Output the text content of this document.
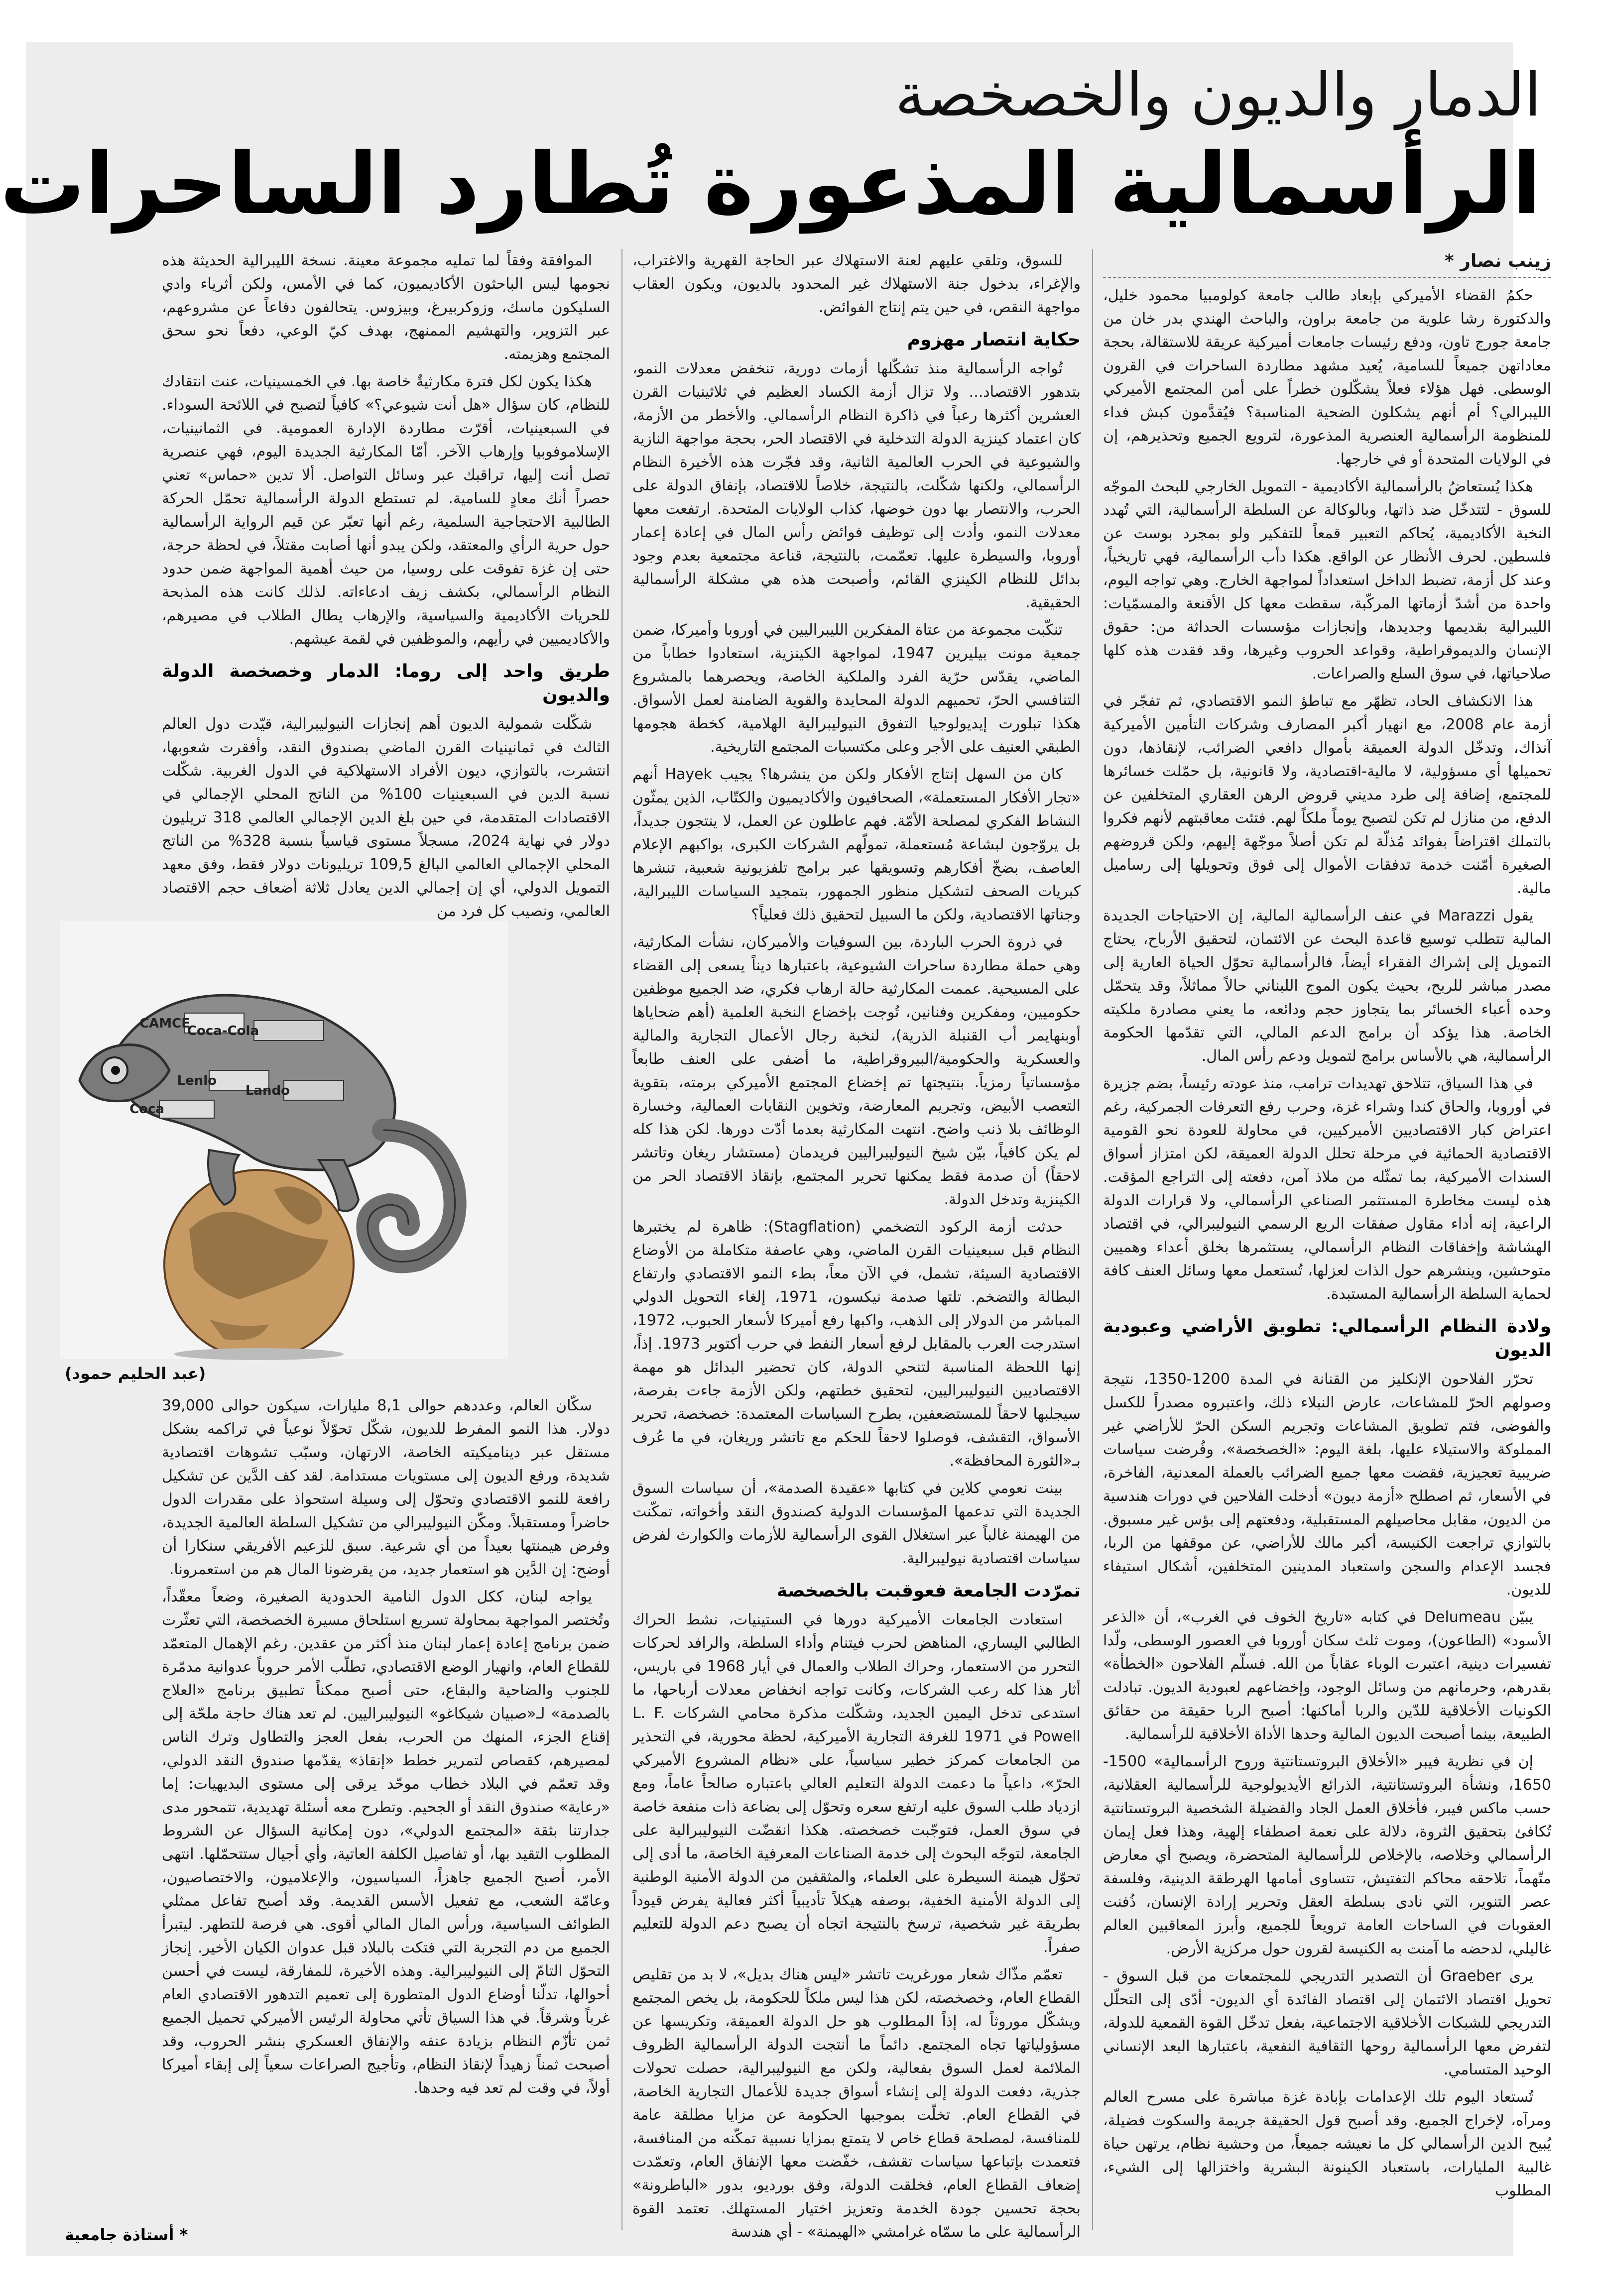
الدمار والديون والخصخصة
الرأسمالية المذعورة تُطارد الساحرات
زينب نصار *

حكمُ القضاء الأميركي بإبعاد طالب جامعة كولومبيا محمود خليل، والدكتورة رشا علوية من جامعة براون، والباحث الهندي بدر خان من جامعة جورج تاون، ودفع رئيسات جامعات أميركية عريقة للاستقالة، بحجة معاداتهن جميعاً للسامية، يُعيد مشهد مطاردة الساحرات في القرون الوسطى. فهل هؤلاء فعلاً يشكّلون خطراً على أمن المجتمع الأميركي الليبرالي؟ أم أنهم يشكلون الضحية المناسبة؟ فيُقدَّمون كبش فداء للمنظومة الرأسمالية العنصرية المذعورة، لترويع الجميع وتحذيرهم، إن في الولايات المتحدة أو في خارجها.

هكذا يُستعاضُ بالرأسمالية الأكاديمية - التمويل الخارجي للبحث الموجّه للسوق - لتتدخّل ضد ذاتها، وبالوكالة عن السلطة الرأسمالية، التي تُهدد النخبة الأكاديمية، يُحاكم التعبير قمعاً للتفكير ولو بمجرد بوست عن فلسطين. لحرف الأنظار عن الواقع. هكذا دأب الرأسمالية، فهي تاريخياً، وعند كل أزمة، تضبط الداخل استعداداً لمواجهة الخارج. وهي تواجه اليوم، واحدة من أشدّ أزماتها المركّبة، سقطت معها كل الأقنعة والمسمّيات: الليبرالية بقديمها وجديدها، وإنجازات مؤسسات الحداثة من: حقوق الإنسان والديموقراطية، وقواعد الحروب وغيرها، وقد فقدت هذه كلها صلاحياتها، في سوق السلع والصراعات.

هذا الانكشاف الحاد، تظهّر مع تباطؤ النمو الاقتصادي، ثم تفجّر في أزمة عام 2008، مع انهيار أكبر المصارف وشركات التأمين الأميركية آنذاك، وتدخّل الدولة العميقة بأموال دافعي الضرائب، لإنقاذها، دون تحميلها أي مسؤولية، لا مالية-اقتصادية، ولا قانونية، بل حمّلت خسائرها للمجتمع، إضافة إلى طرد مديني قروض الرهن العقاري المتخلفين عن الدفع، من منازل لم تكن لتصبح يوماً ملكاً لهم. فتئت معاقبتهم لأنهم فكروا بالتملك اقتراضاً بفوائد مُذلّة لم تكن أصلاً موجّهة إليهم، ولكن قروضهم الصغيرة أمّنت خدمة تدفقات الأموال إلى فوق وتحويلها إلى رساميل مالية.

يقول Marazzi في عنف الرأسمالية المالية، إن الاحتياجات الجديدة المالية تتطلب توسيع قاعدة البحث عن الائتمان، لتحقيق الأرباح، يحتاج التمويل إلى إشراك الفقراء أيضاً، فالرأسمالية تحوّل الحياة العارية إلى مصدر مباشر للربح، بحيث يكون الموج اللبناني حالاً مماثلاً، وقد يتحمّل وحده أعباء الخسائر بما يتجاوز حجم ودائعه، ما يعني مصادرة ملكيته الخاصة. هذا يؤكد أن برامج الدعم المالي، التي تقدّمها الحكومة الرأسمالية، هي بالأساس برامج لتمويل ودعم رأس المال.

في هذا السياق، تتلاحق تهديدات ترامب، منذ عودته رئيساً، بضم جزيرة في أوروبا، والحاق كندا وشراء غزة، وحرب رفع التعرفات الجمركية، رغم اعتراض كبار الاقتصاديين الأميركيين، في محاولة للعودة نحو القومية الاقتصادية الحمائية في مرحلة تحلل الدولة العميقة، لكن امتزاز أسواق السندات الأميركية، بما تمثّله من ملاذ آمن، دفعته إلى التراجع المؤقت. هذه ليست مخاطرة المستثمر الصناعي الرأسمالي، ولا قرارات الدولة الراعية، إنه أداء مقاول صفقات الريع الرسمي النيوليبرالي، في اقتصاد الهشاشة وإخفاقات النظام الرأسمالي، يستثمرها بخلق أعداء وهميين متوحشين، وينشرهم حول الذات لعزلها، تُستعمل معها وسائل العنف كافة لحماية السلطة الرأسمالية المستبدة.

ولادة النظام الرأسمالي: تطويق الأراضي وعبودية الديون

تحرّر الفلاحون الإنكليز من القنانة في المدة 1200-1350، نتيجة وصولهم الحرّ للمشاعات، عارض النبلاء ذلك، واعتبروه مصدراً للكسل والفوضى، فتم تطويق المشاعات وتجريم السكن الحرّ للأراضي غير المملوكة والاستيلاء عليها، بلغة اليوم: «الخصخصة»، وفُرضت سياسات ضريبية تعجيزية، فقضت معها جميع الضرائب بالعملة المعدنية، الفاخرة، في الأسعار، ثم اصطلح «أزمة ديون» أدخلت الفلاحين في دورات هندسية من الديون، مقابل محاصيلهم المستقبلية، ودفعتهم إلى بؤس غير مسبوق. بالتوازي تراجعت الكنيسة، أكبر مالك للأراضي، عن موقفها من الربا، فجسد الإعدام والسجن واستعباد المدينين المتخلفين، أشكال استيفاء للديون.

يبيّن Delumeau في كتابه «تاريخ الخوف في الغرب»، أن «الذعر الأسود» (الطاعون)، وموت ثلث سكان أوروبا في العصور الوسطى، ولّدا تفسيرات دينية، اعتبرت الوباء عقاباً من الله. فسلّم الفلاحون «الخطأة» بقدرهم، وحرمانهم من وسائل الوجود، وإخضاعهم لعبودية الديون. تبادلت الكونيات الأخلاقية للدّين والربا أماكنها: أصبح الربا حقيقة من حقائق الطبيعة، بينما أصبحت الديون المالية وحدها الأداة الأخلاقية للرأسمالية.

إن في نظرية فيبر «الأخلاق البروتستانتية وروح الرأسمالية» 1500-1650، ونشأة البروتستانتية، الذرائع الأيديولوجية للرأسمالية العقلانية، حسب ماكس فيبر، فأخلاق العمل الجاد والفضيلة الشخصية البروتستانتية تُكافئ بتحقيق الثروة، دلالة على نعمة اصطفاء إلهية، وهذا فعل إيمان الرأسمالي وخلاصه، بالإخلاص للرأسمالية المتحضرة، ويصبح أي معارض متّهماً، تلاحقه محاكم التفتيش، تتساوى أمامها الهرطقة الدينية، وفلسفة عصر التنوير، التي نادى بسلطة العقل وتحرير إرادة الإنسان، ذُفنت العقوبات في الساحات العامة ترويعاً للجميع، وأبرز المعاقبين العالم غاليلي، لدحضه ما آمنت به الكنيسة لقرون حول مركزية الأرض.

يرى Graeber أن التصدير التدريجي للمجتمعات من قبل السوق - تحويل اقتصاد الائتمان إلى اقتصاد الفائدة أي الديون- أدّى إلى التحلّل التدريجي للشبكات الأخلاقية الاجتماعية، بفعل تدخّل القوة القمعية للدولة، لتفرض معها الرأسمالية روحها الثقافية النفعية، باعتبارها البعد الإنساني الوحيد المتسامي.

تُستعاد اليوم تلك الإعدامات بإبادة غزة مباشرة على مسرح العالم ومرآه، لإخراج الجميع. وقد أصبح قول الحقيقة جريمة والسكوت فضيلة، يُبيح الدين الرأسمالي كل ما نعيشه جميعاً، من وحشية نظام، يرتهن حياة غالبية المليارات، باستعباد الكينونة البشرية واختزالها إلى الشيء، المطلوب

للسوق، وتلقي عليهم لعنة الاستهلاك عبر الحاجة القهرية والاغتراب، والإغراء، بدخول جنة الاستهلاك غير المحدود بالديون، ويكون العقاب مواجهة النقص، في حين يتم إنتاج الفوائض.

حكاية انتصار مهزوم

تُواجه الرأسمالية منذ تشكّلها أزمات دورية، تنخفض معدلات النمو، بتدهور الاقتصاد... ولا تزال أزمة الكساد العظيم في ثلاثينيات القرن العشرين أكثرها رعباً في ذاكرة النظام الرأسمالي. والأخطر من الأزمة، كان اعتماد كينزية الدولة التدخلية في الاقتصاد الحر، بحجة مواجهة النازية والشيوعية في الحرب العالمية الثانية، وقد فجّرت هذه الأخيرة النظام الرأسمالي، ولكنها شكّلت، بالنتيجة، خلاصاً للاقتصاد، بإنفاق الدولة على الحرب، والانتصار بها دون خوضها، كذاب الولايات المتحدة. ارتفعت معها معدلات النمو، وأدت إلى توظيف فوائض رأس المال في إعادة إعمار أوروبا، والسيطرة عليها. تعمّمت، بالنتيجة، قناعة مجتمعية بعدم وجود بدائل للنظام الكينزي القائم، وأصبحت هذه هي مشكلة الرأسمالية الحقيقية.

تنكّبت مجموعة من عتاة المفكرين الليبراليين في أوروبا وأميركا، ضمن جمعية مونت بيليرين 1947، لمواجهة الكينزية، استعادوا خطاباً من الماضي، يقدّس حرّية الفرد والملكية الخاصة، ويحصرهما بالمشروع التنافسي الحرّ، تحميهم الدولة المحايدة والقوية الضامنة لعمل الأسواق. هكذا تبلورت إيديولوجيا التفوق النيوليبرالية الهلامية، كخطة هجومها الطبقي العنيف على الأجر وعلى مكتسبات المجتمع التاريخية.

كان من السهل إنتاج الأفكار ولكن من ينشرها؟ يجيب Hayek أنهم «تجار الأفكار المستعملة»، الصحافيون والأكاديميون والكتّاب، الذين يمثّون النشاط الفكري لمصلحة الأمّة. فهم عاطلون عن العمل، لا ينتجون جديداً، بل يروّجون لبشاعة مُستعملة، تمولّهم الشركات الكبرى، بواكبهم الإعلام العاصف، بضخّ أفكارهم وتسويقها عبر برامج تلفزيونية شعبية، تنشرها كبريات الصحف لتشكيل منظور الجمهور، بتمجيد السياسات الليبرالية، وجناتها الاقتصادية، ولكن ما السبيل لتحقيق ذلك فعلياً؟

في ذروة الحرب الباردة، بين السوفيات والأميركان، نشأت المكارثية، وهي حملة مطاردة ساحرات الشيوعية، باعتبارها ديناً يسعى إلى القضاء على المسيحية. عممت المكارثية حالة ارهاب فكري، ضد الجميع موظفين حكوميين، ومفكرين وفنانين، تُوجت بإخضاع النخبة العلمية (أهم ضحاياها أوبنهايمر أب القنبلة الذرية)، لنخبة رجال الأعمال التجارية والمالية والعسكرية والحكومية/البيروقراطية، ما أضفى على العنف طابعاً مؤسساتياً رمزياً. بنتيجتها تم إخضاع المجتمع الأميركي برمته، بتقوية التعصب الأبيض، وتجريم المعارضة، وتخوين النقابات العمالية، وخسارة الوظائف بلا ذنب واضح. انتهت المكارثية بعدما أدّت دورها. لكن هذا كله لم يكن كافياً، بيّن شيخ النيوليبراليين فريدمان (مستشار ريغان وتاتشر لاحقاً) أن صدمة فقط يمكنها تحرير المجتمع، بإنقاذ الاقتصاد الحر من الكينزية وتدخل الدولة.

حدثت أزمة الركود التضخمي (Stagflation): ظاهرة لم يختبرها النظام قبل سبعينيات القرن الماضي، وهي عاصفة متكاملة من الأوضاع الاقتصادية السيئة، تشمل، في الآن معاً، بطء النمو الاقتصادي وارتفاع البطالة والتضخم. تلتها صدمة نيكسون، 1971، إلغاء التحويل الدولي المباشر من الدولار إلى الذهب، واكبها رفع أميركا لأسعار الحبوب، 1972، استدرجت العرب بالمقابل لرفع أسعار النفط في حرب أكتوبر 1973. إذاً، إنها اللحظة المناسبة لتنحي الدولة، كان تحضير البدائل هو مهمة الاقتصاديين النيوليبراليين، لتحقيق خطتهم، ولكن الأزمة جاءت بفرصة، سيجلبها لاحقاً للمستضعفين، بطرح السياسات المعتمدة: خصخصة، تحرير الأسواق، التقشف، فوصلوا لاحقاً للحكم مع تاتشر وريغان، في ما عُرف بـ«الثورة المحافظة».

بينت نعومي كلاين في كتابها «عقيدة الصدمة»، أن سياسات السوق الجديدة التي تدعمها المؤسسات الدولية كصندوق النقد وأخواته، تمكّنت من الهيمنة غالباً عبر استغلال القوى الرأسمالية للأزمات والكوارث لفرض سياسات اقتصادية نيوليبرالية.

تمرّدت الجامعة فعوقبت بالخصخصة

استعادت الجامعات الأميركية دورها في الستينيات، نشط الحراك الطالبي اليساري، المناهض لحرب فيتنام وأداء السلطة، والرافد لحركات التحرر من الاستعمار، وحراك الطلاب والعمال في أيار 1968 في باريس، أثار هذا كله رعب الشركات، وكانت تواجه انخفاض معدلات أرباحها، ما استدعى تدخل اليمين الجديد، وشكّلت مذكرة محامي الشركات L. F. Powell في 1971 للغرفة التجارية الأميركية، لحظة محورية، في التحذير من الجامعات كمركز خطير سياسياً، على «نظام المشروع الأميركي الحرّ»، داعياً ما دعمت الدولة التعليم العالي باعتباره صالحاً عاماً، ومع ازدياد طلب السوق عليه ارتفع سعره وتحوّل إلى بضاعة ذات منفعة خاصة في سوق العمل، فتوجّبت خصخصته. هكذا انقضّت النيوليبرالية على الجامعة، لتوجّه البحوث إلى خدمة الصناعات المعرفية الخاصة، ما أدى إلى تحوّل هيمنة السيطرة على العلماء، والمثقفين من الدولة الأمنية الوطنية إلى الدولة الأمنية الخفية، بوصفه هيكلاً تأديبياً أكثر فعالية يفرض قيوداً بطريقة غير شخصية، ترسخ بالنتيجة اتجاه أن يصبح دعم الدولة للتعليم صفراً.

تعمّم مذّاك شعار مورغريت تاتشر «ليس هناك بديل»، لا بد من تقليص القطاع العام، وخصخصته، لكن هذا ليس ملكاً للحكومة، بل يخص المجتمع ويشكّل موروثاً له، إذاً المطلوب هو حل الدولة العميقة، وتكريسها عن مسؤولياتها تجاه المجتمع. دائماً ما أنتجت الدولة الرأسمالية الظروف الملائمة لعمل السوق بفعالية، ولكن مع النيوليبرالية، حصلت تحولات جذرية، دفعت الدولة إلى إنشاء أسواق جديدة للأعمال التجارية الخاصة، في القطاع العام. تخلّت بموجبها الحكومة عن مزايا مطلقة عامة للمنافسة، لمصلحة قطاع خاص لا يتمتع بمزايا نسبية تمكّنه من المنافسة، فتعمدت بإتباعها سياسات تقشف، خفّضت معها الإنفاق العام، وتعمّدت إضعاف القطاع العام، فخلقت الدولة، وفق بورديو، بدور «الباطرونة» بحجة تحسين جودة الخدمة وتعزيز اختيار المستهلك. تعتمد القوة الرأسمالية على ما سمّاه غرامشي «الهيمنة» - أي هندسة

الموافقة وفقاً لما تمليه مجموعة معينة. نسخة الليبرالية الحديثة هذه نجومها ليس الباحثون الأكاديميون، كما في الأمس، ولكن أثرياء وادي السليكون ماسك، وزوكربيرغ، وبيزوس. يتحالفون دفاعاً عن مشروعهم، عبر التزوير، والتهشيم الممنهج، بهدف كيّ الوعي، دفعاً نحو سحق المجتمع وهزيمته.

هكذا يكون لكل فترة مكارثيةٌ خاصة بها. في الخمسينيات، عنت انتقادك للنظام، كان سؤال «هل أنت شيوعي؟» كافياً لتصبح في اللائحة السوداء. في السبعينيات، أقرّت مطاردة الإدارة العمومية. في الثمانينيات، الإسلاموفوبيا وإرهاب الآخر. أمّا المكارثية الجديدة اليوم، فهي عنصرية تصل أنت إليها، تراقبك عبر وسائل التواصل. ألا تدين «حماس» تعني حصراً أنك معادٍ للسامية. لم تستطع الدولة الرأسمالية تحمّل الحركة الطالبية الاحتجاجية السلمية، رغم أنها تعبّر عن قيم الرواية الرأسمالية حول حرية الرأي والمعتقد، ولكن يبدو أنها أصابت مقتلاً، في لحظة حرجة، حتى إن غزة تفوقت على روسيا، من حيث أهمية المواجهة ضمن حدود النظام الرأسمالي، بكشف زيف ادعاءاته. لذلك كانت هذه المذبحة للحريات الأكاديمية والسياسية، والإرهاب يطال الطلاب في مصيرهم، والأكاديميين في رأيهم، والموظفين في لقمة عيشهم.

طريق واحد إلى روما: الدمار وخصخصة الدولة والديون

شكّلت شمولية الديون أهم إنجازات النيوليبرالية، قيّدت دول العالم الثالث في ثمانينيات القرن الماضي بصندوق النقد، وأفقرت شعوبها، انتشرت، بالتوازي، ديون الأفراد الاستهلاكية في الدول الغربية. شكّلت نسبة الدين في السبعينيات 100% من الناتج المحلي الإجمالي في الاقتصادات المتقدمة، في حين بلغ الدين الإجمالي العالمي 318 تريليون دولار في نهاية 2024، مسجلاً مستوى قياسياً بنسبة 328% من الناتج المحلي الإجمالي العالمي البالغ 109,5 تريليونات دولار فقط، وفق معهد التمويل الدولي، أي إن إجمالي الدين يعادل ثلاثة أضعاف حجم الاقتصاد العالمي، ونصيب كل فرد من

CAMCE
Coca-Cola
Lenlo
Lando
Coca
(عبد الحليم حمود)

سكّان العالم، وعددهم حوالى 8,1 مليارات، سيكون حوالى 39,000 دولار. هذا النمو المفرط للديون، شكّل تحوّلاً نوعياً في تراكمه بشكل مستقل عبر ديناميكيته الخاصة، الارتهان، وسبّب تشوهات اقتصادية شديدة، ورفع الديون إلى مستويات مستدامة. لقد كف الدَّين عن تشكيل رافعة للنمو الاقتصادي وتحوّل إلى وسيلة استحواذ على مقدرات الدول حاضراً ومستقبلاً. ومكّن النيوليبرالي من تشكيل السلطة العالمية الجديدة، وفرض هيمنتها بعيداً من أي شرعية. سبق للزعيم الأفريقي سنكارا أن أوضح: إن الدَّين هو استعمار جديد، من يقرضونا المال هم من استعمرونا.

يواجه لبنان، ككل الدول النامية الحدودية الصغيرة، وضعاً معقّداً، وتُختصر المواجهة بمحاولة تسريع استلحاق مسيرة الخصخصة، التي تعثّرت ضمن برنامج إعادة إعمار لبنان منذ أكثر من عقدين. رغم الإهمال المتعمّد للقطاع العام، وانهيار الوضع الاقتصادي، تطلّب الأمر حروباً عدوانية مدمّرة للجنوب والضاحية والبقاع، حتى أصبح ممكناً تطبيق برنامج «العلاج بالصدمة» لـ«صبيان شيكاغو» النيوليبراليين. لم تعد هناك حاجة ملحّة إلى إقناع الجزء، المنهك من الحرب، بفعل العجز والتطاول وترك الناس لمصيرهم، كقصاص لتمرير خطط «إنقاذ» يقدّمها صندوق النقد الدولي، وقد تعمّم في البلاد خطاب موحّد يرقى إلى مستوى البديهيات: إما «رعاية» صندوق النقد أو الجحيم. وتطرح معه أسئلة تهديدية، تتمحور مدى جدارتنا بثقة «المجتمع الدولي»، دون إمكانية السؤال عن الشروط المطلوب التقيد بها، أو تفاصيل الكلفة العاتية، وأي أجيال ستتحمّلها. انتهى الأمر، أصبح الجميع جاهزاً، السياسيون، والإعلاميون، والاختصاصيون، وعامّة الشعب، مع تفعيل الأسس القديمة. وقد أصبح تفاعل ممثلي الطوائف السياسية، ورأس المال المالي أقوى. هي فرصة للتطهر. ليتبرأ الجميع من دم التجربة التي فتكت بالبلاد قبل عدوان الكيان الأخير. إنجاز التحوّل التامّ إلى النيوليبرالية. وهذه الأخيرة، للمفارقة، ليست في أحسن أحوالها، تدلّنا أوضاع الدول المتطورة إلى تعميم التدهور الاقتصادي العام غرباً وشرقاً. في هذا السياق تأتي محاولة الرئيس الأميركي تحميل الجميع ثمن تأزّم النظام بزيادة عنفه والإنفاق العسكري بنشر الحروب، وقد أصبحت ثمناً زهيداً لإنقاذ النظام، وتأجيج الصراعات سعياً إلى إبقاء أميركا أولاً، في وقت لم تعد فيه وحدها.

* أستاذة جامعية
